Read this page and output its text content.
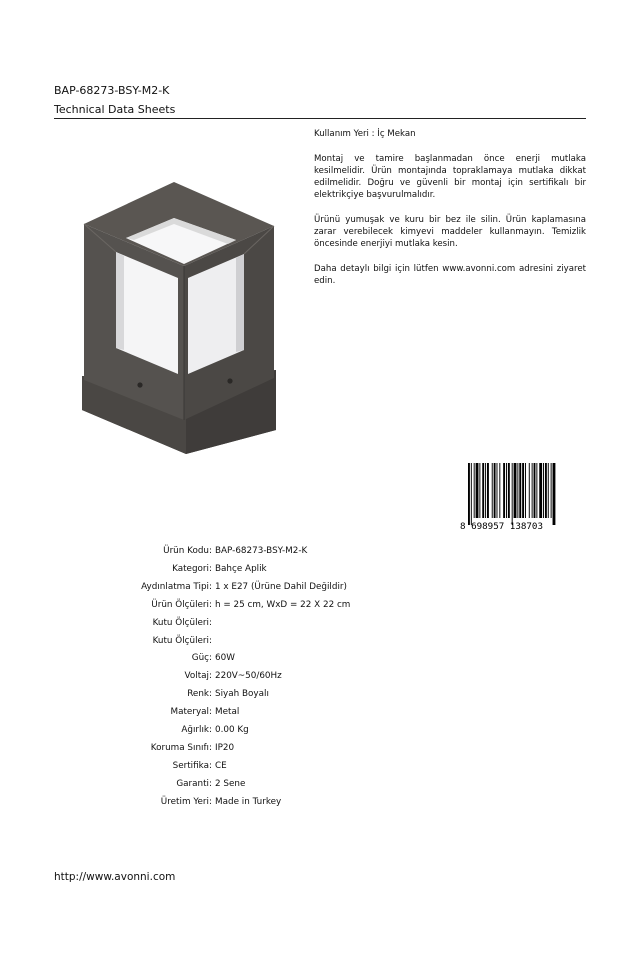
BAP-68273-BSY-M2-K
Technical Data Sheets

Kullanım Yeri : İç Mekan

Montaj ve tamire başlanmadan önce enerji mutlaka kesilmelidir. Ürün montajında topraklamaya mutlaka dikkat edilmelidir. Doğru ve güvenli bir montaj için sertifikalı bir elektrikçiye başvurulmalıdır.

Ürünü yumuşak ve kuru bir bez ile silin. Ürün kaplamasına zarar verebilecek kimyevi maddeler kullanmayın. Temizlik öncesinde enerjiyi mutlaka kesin.

Daha detaylı bilgi için lütfen www.avonni.com adresini ziyaret edin.

8 698957 138703
Ürün Kodu : BAP-68273-BSY-M2-K
Kategori : Bahçe Aplik
Aydınlatma Tipi : 1 x E27 (Ürüne Dahil Değildir)
Ürün Ölçüleri : h = 25 cm, WxD = 22 X 22 cm
Kutu Ölçüleri :
Kutu Ölçüleri :
Güç : 60W
Voltaj : 220V~50/60Hz
Renk : Siyah Boyalı
Materyal : Metal
Ağırlık : 0.00 Kg
Koruma Sınıfı : IP20
Sertifika : CE
Garanti : 2 Sene
Üretim Yeri : Made in Turkey
http://www.avonni.com
